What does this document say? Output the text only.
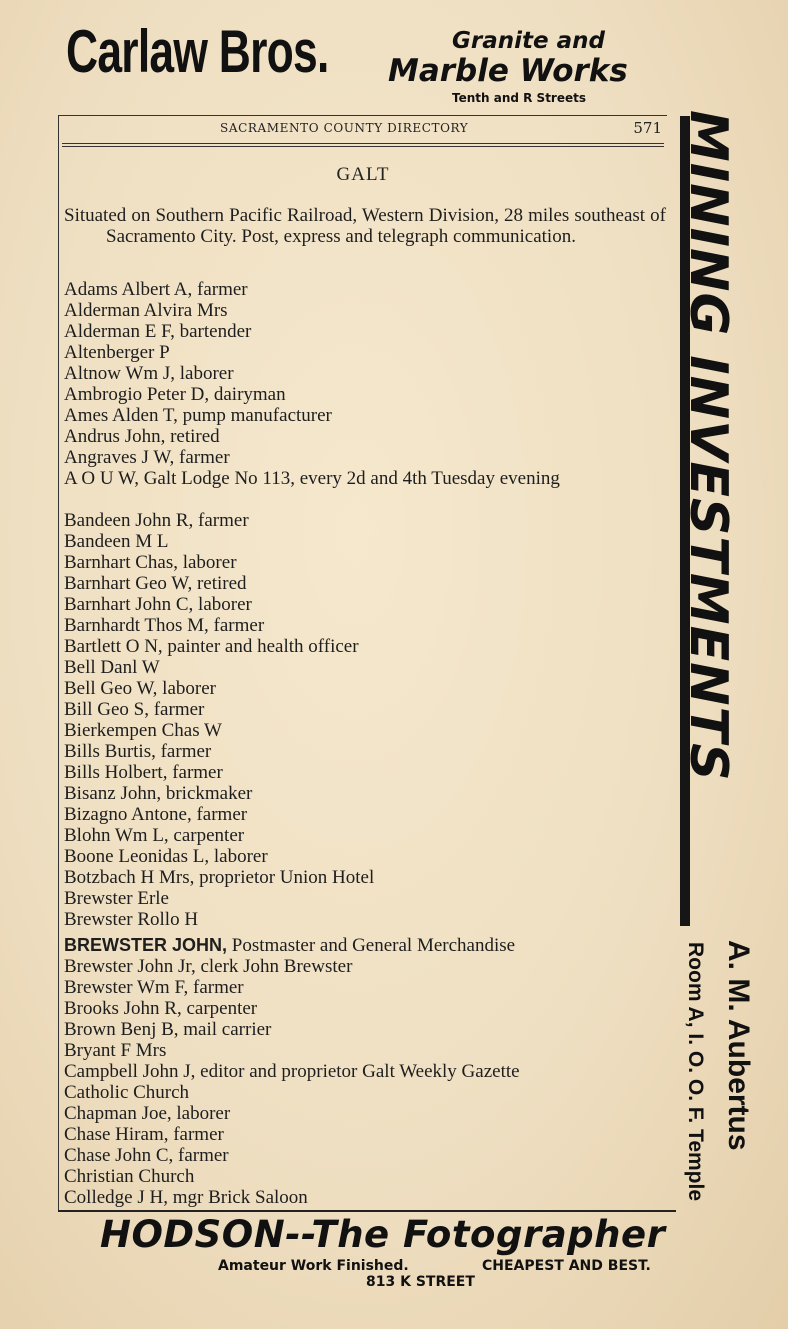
Carlaw Bros.	Granite and
Marble Works
Tenth and R Streets
SACRAMENTO COUNTY DIRECTORY	571
GALT

Situated on Southern Pacific Railroad, Western Division, 28 miles southeast of Sacramento City. Post, express and telegraph communication.

Adams Albert A, farmer
Alderman Alvira Mrs
Alderman E F, bartender
Altenberger P
Altnow Wm J, laborer
Ambrogio Peter D, dairyman
Ames Alden T, pump manufacturer
Andrus John, retired
Angraves J W, farmer
A O U W, Galt Lodge No 113, every 2d and 4th Tuesday evening
Bandeen John R, farmer
Bandeen M L
Barnhart Chas, laborer
Barnhart Geo W, retired
Barnhart John C, laborer
Barnhardt Thos M, farmer
Bartlett O N, painter and health officer
Bell Danl W
Bell Geo W, laborer
Bill Geo S, farmer
Bierkempen Chas W
Bills Burtis, farmer
Bills Holbert, farmer
Bisanz John, brickmaker
Bizagno Antone, farmer
Blohn Wm L, carpenter
Boone Leonidas L, laborer
Botzbach H Mrs, proprietor Union Hotel
Brewster Erle
Brewster Rollo H
BREWSTER JOHN, Postmaster and General Merchandise
Brewster John Jr, clerk John Brewster
Brewster Wm F, farmer
Brooks John R, carpenter
Brown Benj B, mail carrier
Bryant F Mrs
Campbell John J, editor and proprietor Galt Weekly Gazette
Catholic Church
Chapman Joe, laborer
Chase Hiram, farmer
Chase John C, farmer
Christian Church
Colledge J H, mgr Brick Saloon
MINING INVESTMENTS
A. M. Aubertus
Room A, I. O. O. F. Temple
HODSON--The Fotographer
Amateur Work Finished.	CHEAPEST AND BEST.
813 K STREET
